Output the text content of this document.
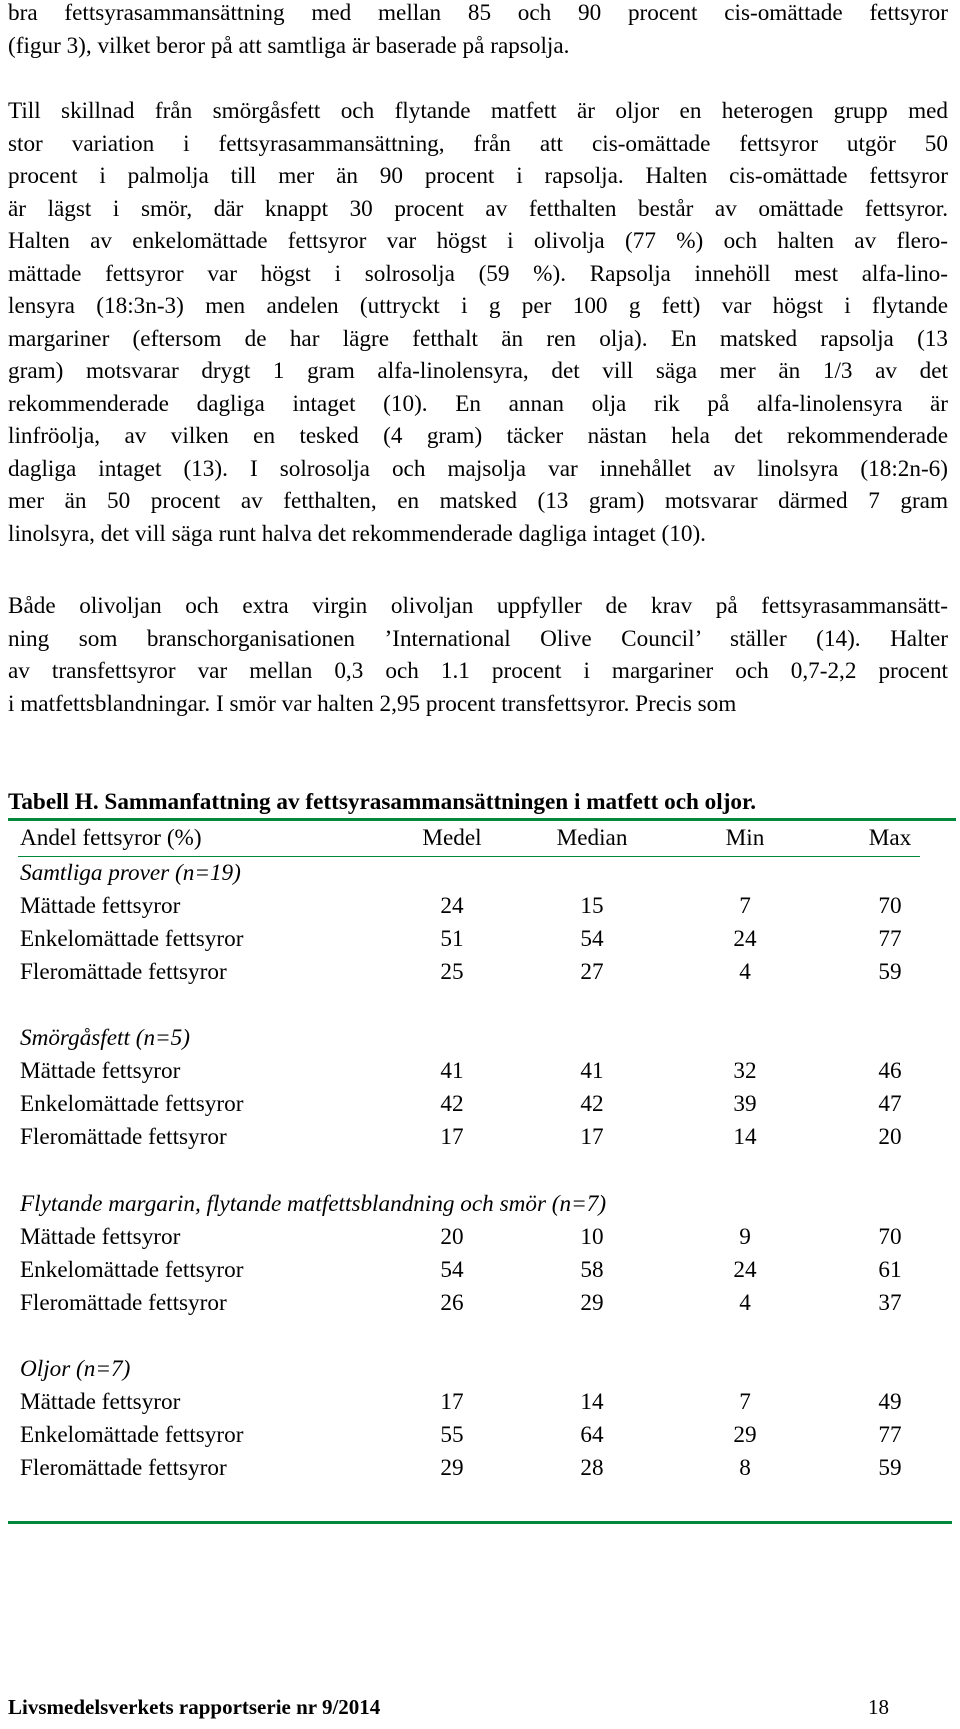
bra fettsyrasammansättning med mellan 85 och 90 procent cis-omättade fettsyror
(figur 3), vilket beror på att samtliga är baserade på rapsolja.
Till skillnad från smörgåsfett och flytande matfett är oljor en heterogen grupp med
stor variation i fettsyrasammansättning, från att cis-omättade fettsyror utgör 50
procent i palmolja till mer än 90 procent i rapsolja. Halten cis-omättade fettsyror
är lägst i smör, där knappt 30 procent av fetthalten består av omättade fettsyror.
Halten av enkelomättade fettsyror var högst i olivolja (77 %) och halten av flero-
mättade fettsyror var högst i solrosolja (59 %). Rapsolja innehöll mest alfa-lino-
lensyra (18:3n-3) men andelen (uttryckt i g per 100 g fett) var högst i flytande
margariner (eftersom de har lägre fetthalt än ren olja). En matsked rapsolja (13
gram) motsvarar drygt 1 gram alfa-linolensyra, det vill säga mer än 1/3 av det
rekommenderade dagliga intaget (10). En annan olja rik på alfa-linolensyra är
linfröolja, av vilken en tesked (4 gram) täcker nästan hela det rekommenderade
dagliga intaget (13). I solrosolja och majsolja var innehållet av linolsyra (18:2n-6)
mer än 50 procent av fetthalten, en matsked (13 gram) motsvarar därmed 7 gram
linolsyra, det vill säga runt halva det rekommenderade dagliga intaget (10).
Både olivoljan och extra virgin olivoljan uppfyller de krav på fettsyrasammansätt-
ning som branschorganisationen ’International Olive Council’ ställer (14). Halter
av transfettsyror var mellan 0,3 och 1.1 procent i margariner och 0,7-2,2 procent
i matfettsblandningar. I smör var halten 2,95 procent transfettsyror. Precis som
Tabell H. Sammanfattning av fettsyrasammansättningen i matfett och oljor.
Andel fettsyror (%)	Medel	Median	Min	Max
Samtliga prover (n=19)
Mättade fettsyror	24	15	7	70
Enkelomättade fettsyror	51	54	24	77
Fleromättade fettsyror	25	27	4	59
Smörgåsfett (n=5)
Mättade fettsyror	41	41	32	46
Enkelomättade fettsyror	42	42	39	47
Fleromättade fettsyror	17	17	14	20
Flytande margarin, flytande matfettsblandning och smör (n=7)
Mättade fettsyror	20	10	9	70
Enkelomättade fettsyror	54	58	24	61
Fleromättade fettsyror	26	29	4	37
Oljor (n=7)
Mättade fettsyror	17	14	7	49
Enkelomättade fettsyror	55	64	29	77
Fleromättade fettsyror	29	28	8	59
Livsmedelsverkets rapportserie nr 9/2014	18
